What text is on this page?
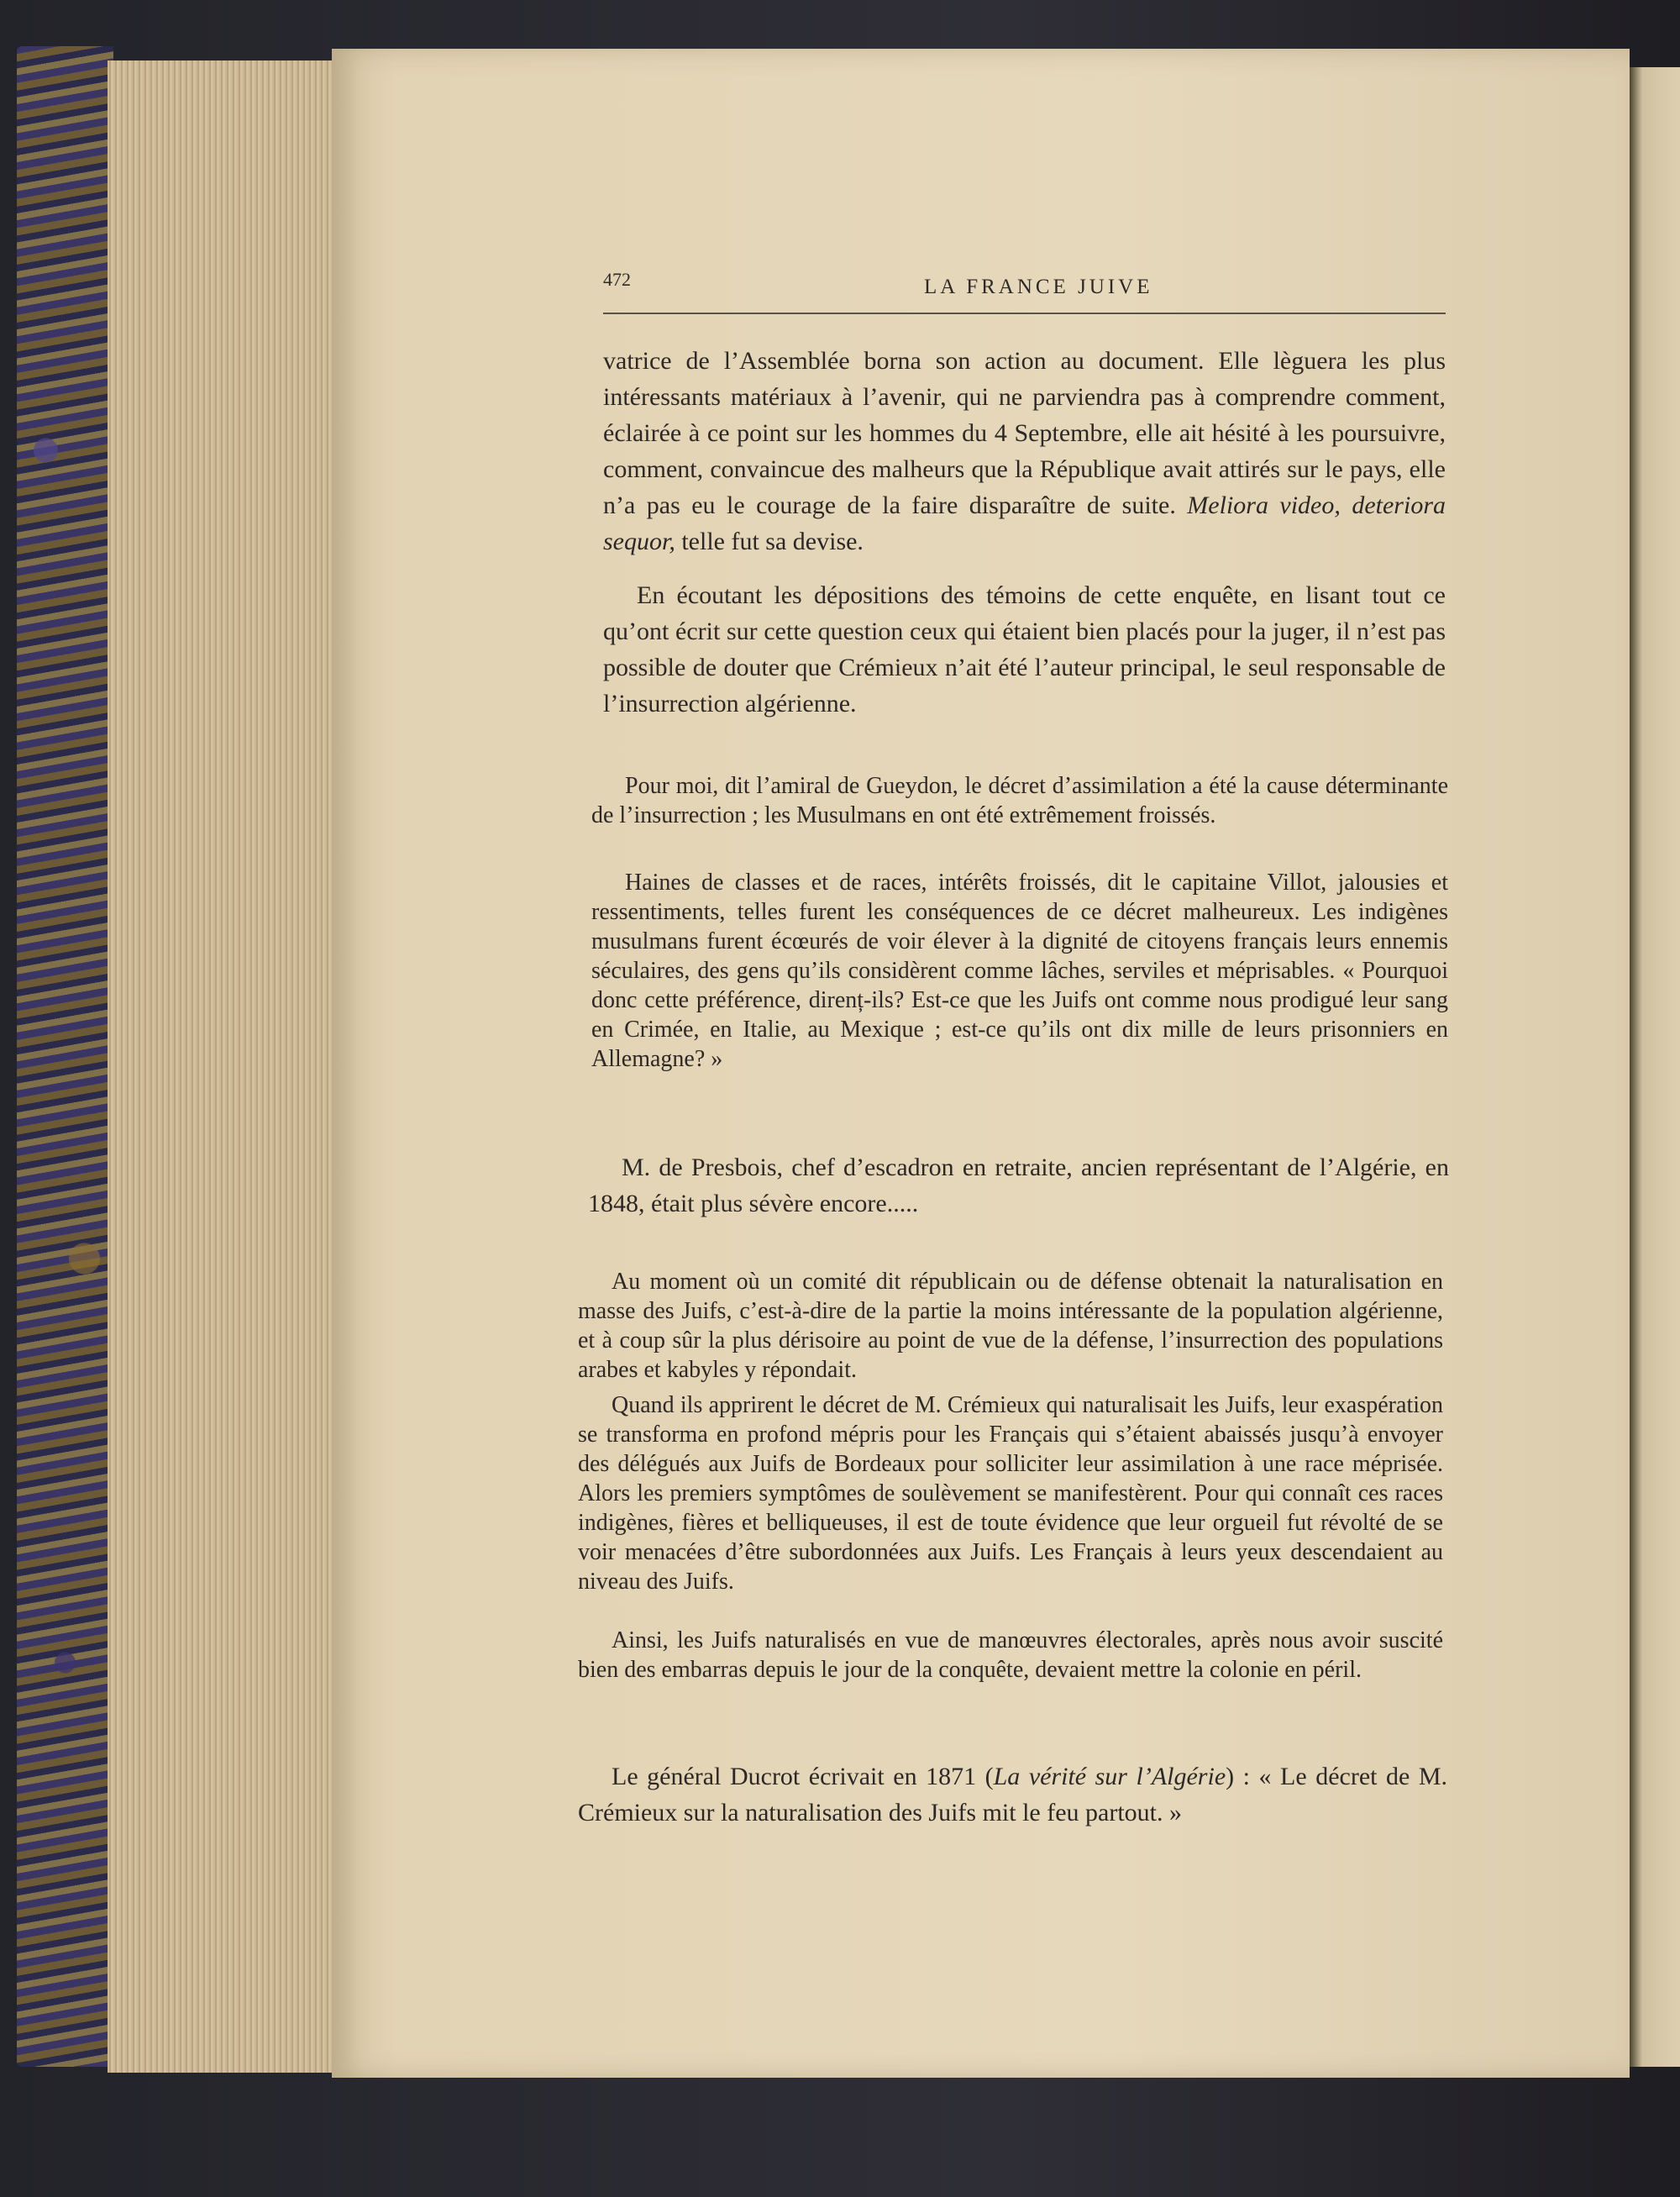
472	LA FRANCE JUIVE

vatrice de l’Assemblée borna son action au document. Elle lèguera les plus intéressants matériaux à l’avenir, qui ne parviendra pas à comprendre comment, éclairée à ce point sur les hommes du 4 Septembre, elle ait hésité à les poursuivre, comment, convaincue des malheurs que la République avait attirés sur le pays, elle n’a pas eu le courage de la faire disparaître de suite. Meliora video, deteriora sequor, telle fut sa devise.

En écoutant les dépositions des témoins de cette enquête, en lisant tout ce qu’ont écrit sur cette question ceux qui étaient bien placés pour la juger, il n’est pas possible de douter que Crémieux n’ait été l’auteur principal, le seul responsable de l’insurrection algérienne.

Pour moi, dit l’amiral de Gueydon, le décret d’assimilation a été la cause déterminante de l’insurrection ; les Musulmans en ont été extrêmement froissés.

Haines de classes et de races, intérêts froissés, dit le capitaine Villot, jalousies et ressentiments, telles furent les conséquences de ce décret malheureux. Les indigènes musulmans furent écœurés de voir élever à la dignité de citoyens français leurs ennemis séculaires, des gens qu’ils considèrent comme lâches, serviles et méprisables. « Pourquoi donc cette préférence, direnț-ils? Est-ce que les Juifs ont comme nous prodigué leur sang en Crimée, en Italie, au Mexique ; est-ce qu’ils ont dix mille de leurs prisonniers en Allemagne? »

M. de Presbois, chef d’escadron en retraite, ancien représentant de l’Algérie, en 1848, était plus sévère encore.....

Au moment où un comité dit républicain ou de défense obtenait la naturalisation en masse des Juifs, c’est-à-dire de la partie la moins intéressante de la population algérienne, et à coup sûr la plus dérisoire au point de vue de la défense, l’insurrection des populations arabes et kabyles y répondait.

Quand ils apprirent le décret de M. Crémieux qui naturalisait les Juifs, leur exaspération se transforma en profond mépris pour les Français qui s’étaient abaissés jusqu’à envoyer des délégués aux Juifs de Bordeaux pour solliciter leur assimilation à une race méprisée. Alors les premiers symptômes de soulèvement se manifestèrent. Pour qui connaît ces races indigènes, fières et belliqueuses, il est de toute évidence que leur orgueil fut révolté de se voir menacées d’être subordonnées aux Juifs. Les Français à leurs yeux descendaient au niveau des Juifs.

Ainsi, les Juifs naturalisés en vue de manœuvres électorales, après nous avoir suscité bien des embarras depuis le jour de la conquête, devaient mettre la colonie en péril.

Le général Ducrot écrivait en 1871 (La vérité sur l’Algérie) : « Le décret de M. Crémieux sur la naturalisation des Juifs mit le feu partout. »
